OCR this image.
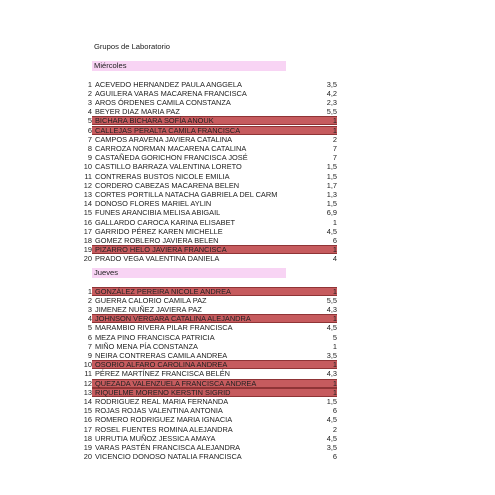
Grupos de Laboratorio
Miércoles
1 ACEVEDO HERNANDEZ PAULA ANGGELA	3,5
2 AGUILERA VARAS MACARENA FRANCISCA	4,2
3 AROS ÓRDENES CAMILA CONSTANZA	2,3
4 BEYER DIAZ MARIA PAZ	5,5
5 BICHARA BICHARA SOFÍA ANOUK	1
6 CALLEJAS PERALTA CAMILA FRANCISCA	1
7 CAMPOS ARAVENA JAVIERA CATALINA	2
8 CARROZA NORMAN MACARENA CATALINA	7
9 CASTAÑEDA GORICHON FRANCISCA JOSÉ	7
10 CASTILLO BARRAZA VALENTINA LORETO	1,5
11 CONTRERAS BUSTOS NICOLE EMILIA	1,5
12 CORDERO CABEZAS MACARENA BELEN	1,7
13 CORTES PORTILLA NATACHA GABRIELA DEL CARM	1,3
14 DONOSO FLORES MARIEL AYLIN	1,5
15 FUNES ARANCIBIA MELISA ABIGAIL	6,9
16 GALLARDO CAROCA KARINA ELISABET	1
17 GARRIDO PÉREZ KAREN MICHELLE	4,5
18 GOMEZ ROBLERO JAVIERA BELEN	6
19 PIZARRO HELO JAVIERA FRANCISCA	1
20 PRADO VEGA VALENTINA DANIELA	4
Jueves
1 GONZÁLEZ PEREIRA NICOLE ANDREA	1
2 GUERRA CALORIO CAMILA PAZ	5,5
3 JIMENEZ NUÑEZ JAVIERA PAZ	4,3
4 JOHNSON VERGARA CATALINA ALEJANDRA	1
5 MARAMBIO RIVERA PILAR FRANCISCA	4,5
6 MEZA PINO FRANCISCA PATRICIA	5
7 MIÑO MENA PÍA CONSTANZA	1
9 NEIRA CONTRERAS CAMILA ANDREA	3,5
10 OSORIO ALFARO CAROLINA ANDREA	1
11 PÉREZ MARTÍNEZ FRANCISCA BELÉN	4,3
12 QUEZADA VALENZUELA FRANCISCA ANDREA	1
13 RIQUELME MORENO KERSTIN SIGRID	1
14 RODRIGUEZ REAL MARIA FERNANDA	1,5
15 ROJAS ROJAS VALENTINA ANTONIA	6
16 ROMERO RODRIGUEZ MARIA IGNACIA	4,5
17 ROSEL FUENTES ROMINA ALEJANDRA	2
18 URRUTIA MUÑOZ JESSICA AMAYA	4,5
19 VARAS PASTÉN FRANCISCA ALEJANDRA	3,5
20 VICENCIO DONOSO NATALIA FRANCISCA	6
